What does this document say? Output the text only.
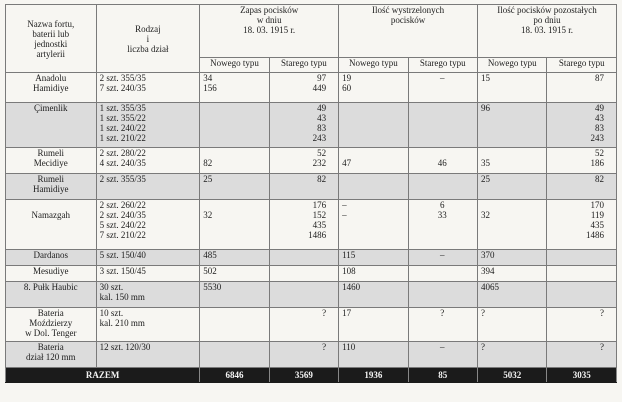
Nazwa fortu,
baterii lub
jednostki
artylerii	Rodzaj
i
liczba dział	Zapas pocisków
w dniu
18. 03. 1915 r.		Ilość wystrzelonych
pocisków		Ilość pocisków pozostałych
po dniu
18. 03. 1915 r.	

		Nowego typu	Starego typu	Nowego typu	Starego typu	Nowego typu	Starego typu

Anadolu
Hamidiye	2 szt. 355/35
7 szt. 240/35	34
156	97
449	19
60	–	15	87

Çimenlik	1 szt. 355/35
1 szt. 355/22
1 szt. 240/22
1 szt. 210/22		49
43
83
243			96	49
43
83
243

Rumeli
Mecidiye	2 szt. 280/22
4 szt. 240/35	82	52
232	47	46	35	52
186

Rumeli
Hamidiye	2 szt. 355/35	25	82			25	82

Namazgah	2 szt. 260/22
2 szt. 240/35
5 szt. 240/22
7 szt. 210/22	32	176
152
435
1486	–
–	6
33	32	170
119
435
1486

Dardanos	5 szt. 150/40	485		115	–	370	

Mesudiye	3 szt. 150/45	502		108		394	

8. Pułk Haubic	30 szt.
kal. 150 mm	5530		1460		4065	

Bateria
Moździerzy
w Dol. Tenger	10 szt.
kal. 210 mm		?	17	?	?	?

Bateria
dział 120 mm	12 szt. 120/30		?	110	–	?	?

RAZEM		6846	3569	1936	85	5032	3035
